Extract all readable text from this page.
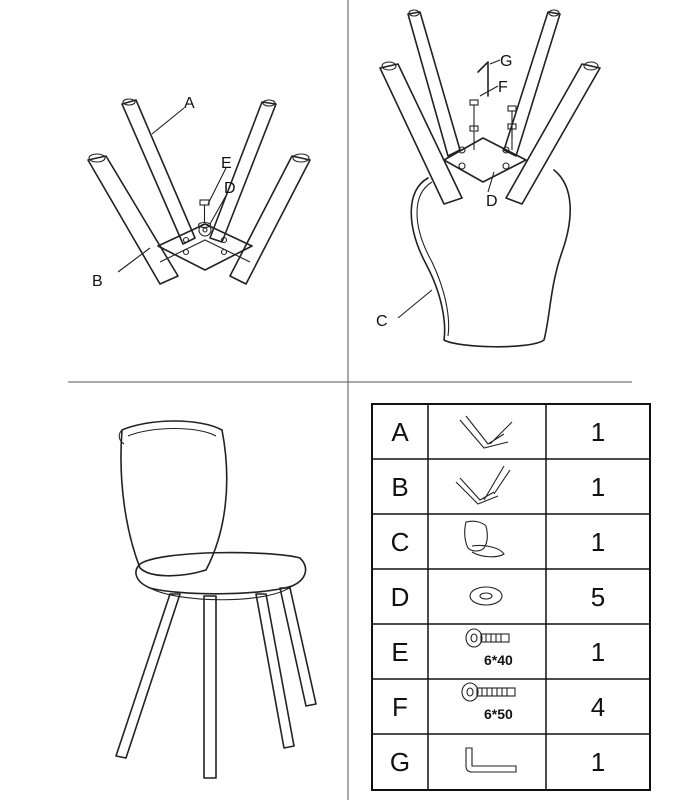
A
B
E
D
G
F
D
C
A	1
B	1
C	1
D	5
E	6*40	1
F	6*50	4
G	1
